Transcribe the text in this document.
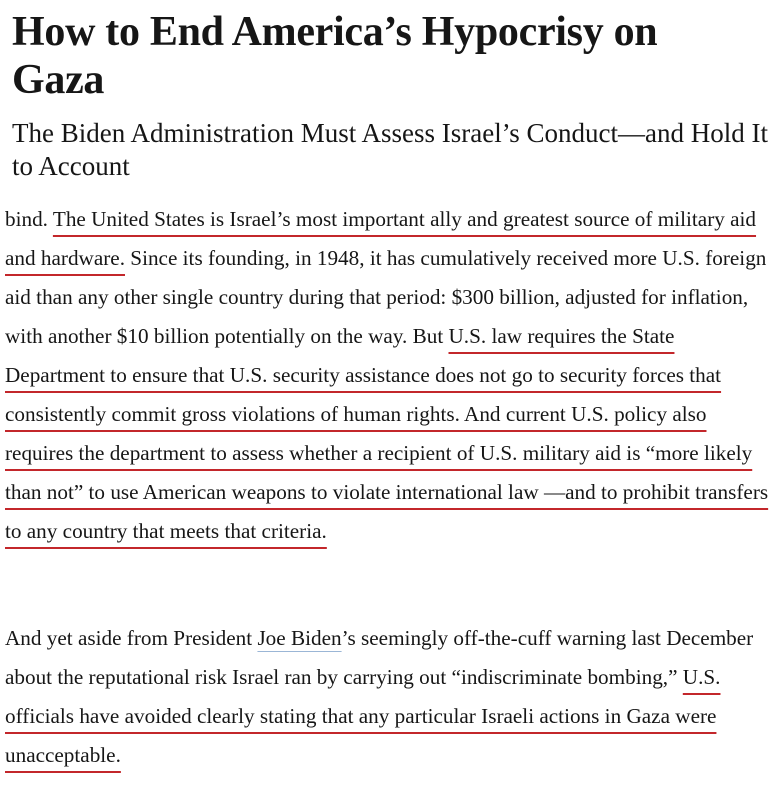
How to End America’s Hypocrisy on Gaza
The Biden Administration Must Assess Israel’s Conduct—and Hold It to Account

bind. The United States is Israel’s most important ally and greatest source of military aid and hardware. Since its founding, in 1948, it has cumulatively received more U.S. foreign aid than any other single country during that period: $300 billion, adjusted for inflation, with another $10 billion potentially on the way. But U.S. law requires the State Department to ensure that U.S. security assistance does not go to security forces that consistently commit gross violations of human rights. And current U.S. policy also requires the department to assess whether a recipient of U.S. military aid is “more likely than not” to use American weapons to violate international law —and to prohibit transfers to any country that meets that criteria.

And yet aside from President Joe Biden’s seemingly off-the-cuff warning last December about the reputational risk Israel ran by carrying out “indiscriminate bombing,” U.S. officials have avoided clearly stating that any particular Israeli actions in Gaza were unacceptable.
